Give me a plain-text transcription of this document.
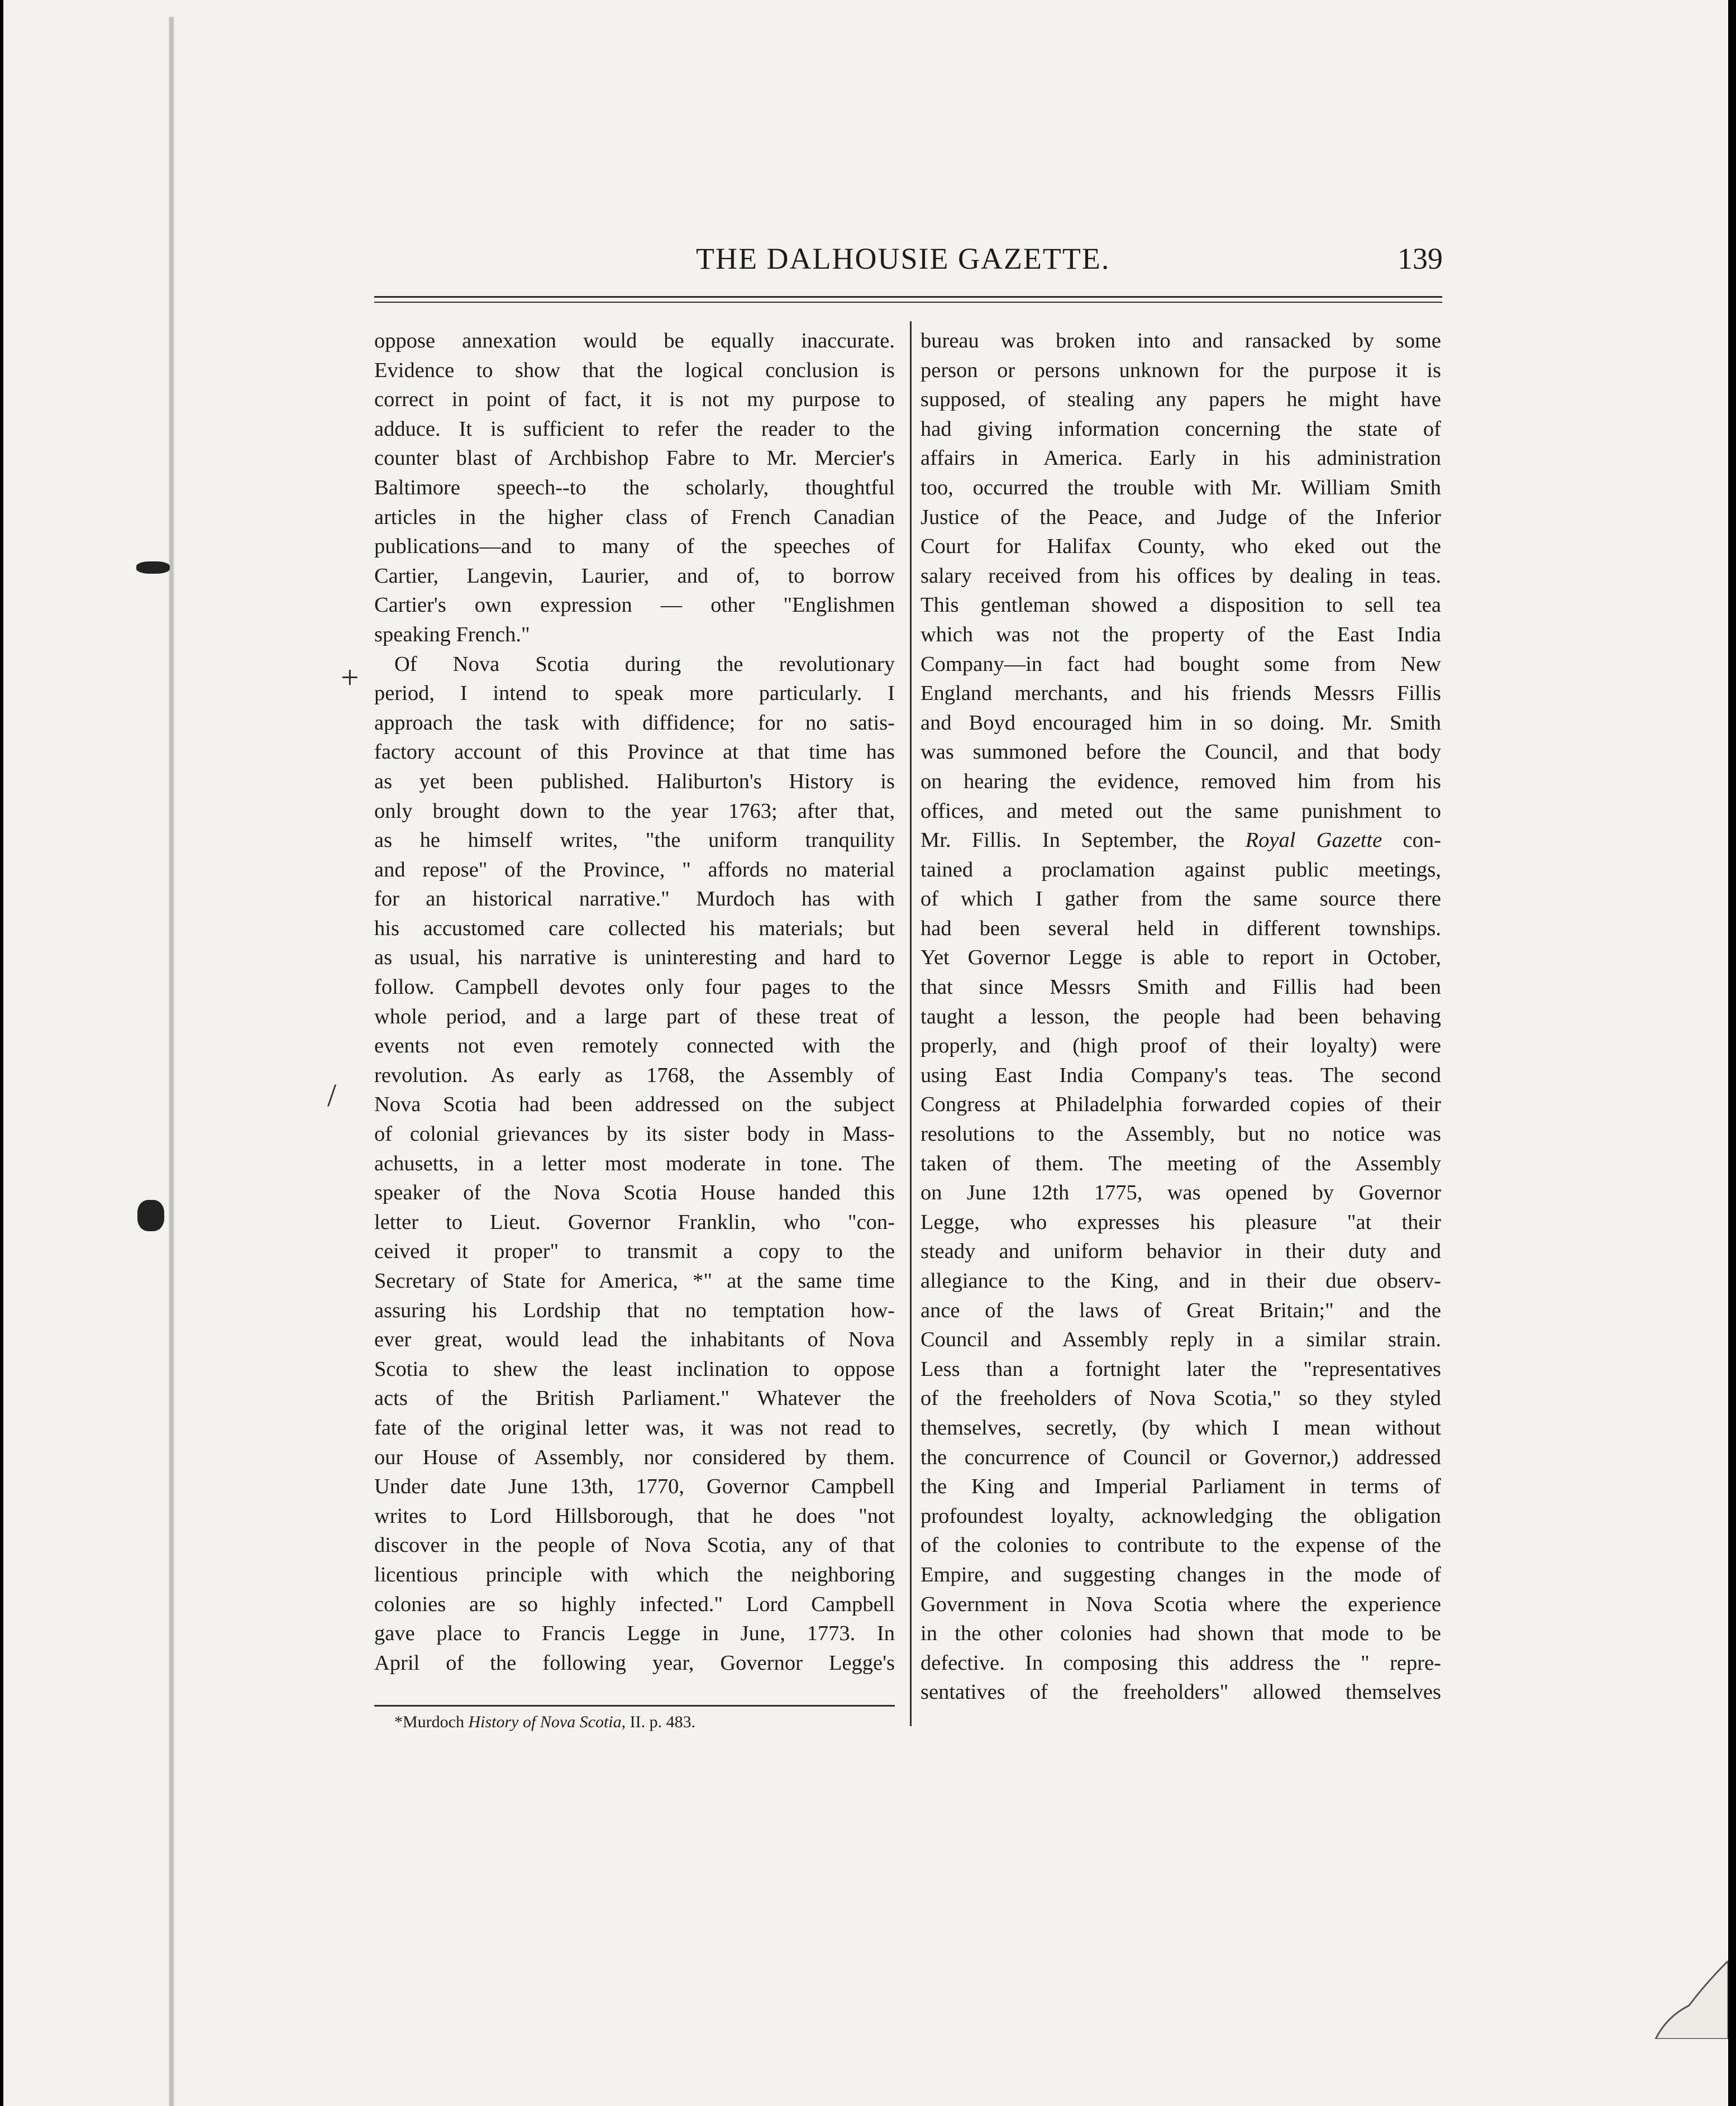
+
/
THE DALHOUSIE GAZETTE.	139
oppose annexation would be equally inaccurate.
Evidence to show that the logical conclusion is
correct in point of fact, it is not my purpose to
adduce. It is sufficient to refer the reader to the
counter blast of Archbishop Fabre to Mr. Mercier's
Baltimore speech--to the scholarly, thoughtful
articles in the higher class of French Canadian
publications—and to many of the speeches of
Cartier, Langevin, Laurier, and of, to borrow
Cartier's own expression — other "Englishmen
speaking French."
Of Nova Scotia during the revolutionary
period, I intend to speak more particularly. I
approach the task with diffidence; for no satis-
factory account of this Province at that time has
as yet been published. Haliburton's History is
only brought down to the year 1763; after that,
as he himself writes, "the uniform tranquility
and repose" of the Province, " affords no material
for an historical narrative." Murdoch has with
his accustomed care collected his materials; but
as usual, his narrative is uninteresting and hard to
follow. Campbell devotes only four pages to the
whole period, and a large part of these treat of
events not even remotely connected with the
revolution. As early as 1768, the Assembly of
Nova Scotia had been addressed on the subject
of colonial grievances by its sister body in Mass-
achusetts, in a letter most moderate in tone. The
speaker of the Nova Scotia House handed this
letter to Lieut. Governor Franklin, who "con-
ceived it proper" to transmit a copy to the
Secretary of State for America, *" at the same time
assuring his Lordship that no temptation how-
ever great, would lead the inhabitants of Nova
Scotia to shew the least inclination to oppose
acts of the British Parliament." Whatever the
fate of the original letter was, it was not read to
our House of Assembly, nor considered by them.
Under date June 13th, 1770, Governor Campbell
writes to Lord Hillsborough, that he does "not
discover in the people of Nova Scotia, any of that
licentious principle with which the neighboring
colonies are so highly infected." Lord Campbell
gave place to Francis Legge in June, 1773. In
April of the following year, Governor Legge's
bureau was broken into and ransacked by some
person or persons unknown for the purpose it is
supposed, of stealing any papers he might have
had giving information concerning the state of
affairs in America. Early in his administration
too, occurred the trouble with Mr. William Smith
Justice of the Peace, and Judge of the Inferior
Court for Halifax County, who eked out the
salary received from his offices by dealing in teas.
This gentleman showed a disposition to sell tea
which was not the property of the East India
Company—in fact had bought some from New
England merchants, and his friends Messrs Fillis
and Boyd encouraged him in so doing. Mr. Smith
was summoned before the Council, and that body
on hearing the evidence, removed him from his
offices, and meted out the same punishment to
Mr. Fillis. In September, the Royal Gazette con-
tained a proclamation against public meetings,
of which I gather from the same source there
had been several held in different townships.
Yet Governor Legge is able to report in October,
that since Messrs Smith and Fillis had been
taught a lesson, the people had been behaving
properly, and (high proof of their loyalty) were
using East India Company's teas. The second
Congress at Philadelphia forwarded copies of their
resolutions to the Assembly, but no notice was
taken of them. The meeting of the Assembly
on June 12th 1775, was opened by Governor
Legge, who expresses his pleasure "at their
steady and uniform behavior in their duty and
allegiance to the King, and in their due observ-
ance of the laws of Great Britain;" and the
Council and Assembly reply in a similar strain.
Less than a fortnight later the "representatives
of the freeholders of Nova Scotia," so they styled
themselves, secretly, (by which I mean without
the concurrence of Council or Governor,) addressed
the King and Imperial Parliament in terms of
profoundest loyalty, acknowledging the obligation
of the colonies to contribute to the expense of the
Empire, and suggesting changes in the mode of
Government in Nova Scotia where the experience
in the other colonies had shown that mode to be
defective. In composing this address the " repre-
sentatives of the freeholders" allowed themselves
*Murdoch History of Nova Scotia, II. p. 483.
